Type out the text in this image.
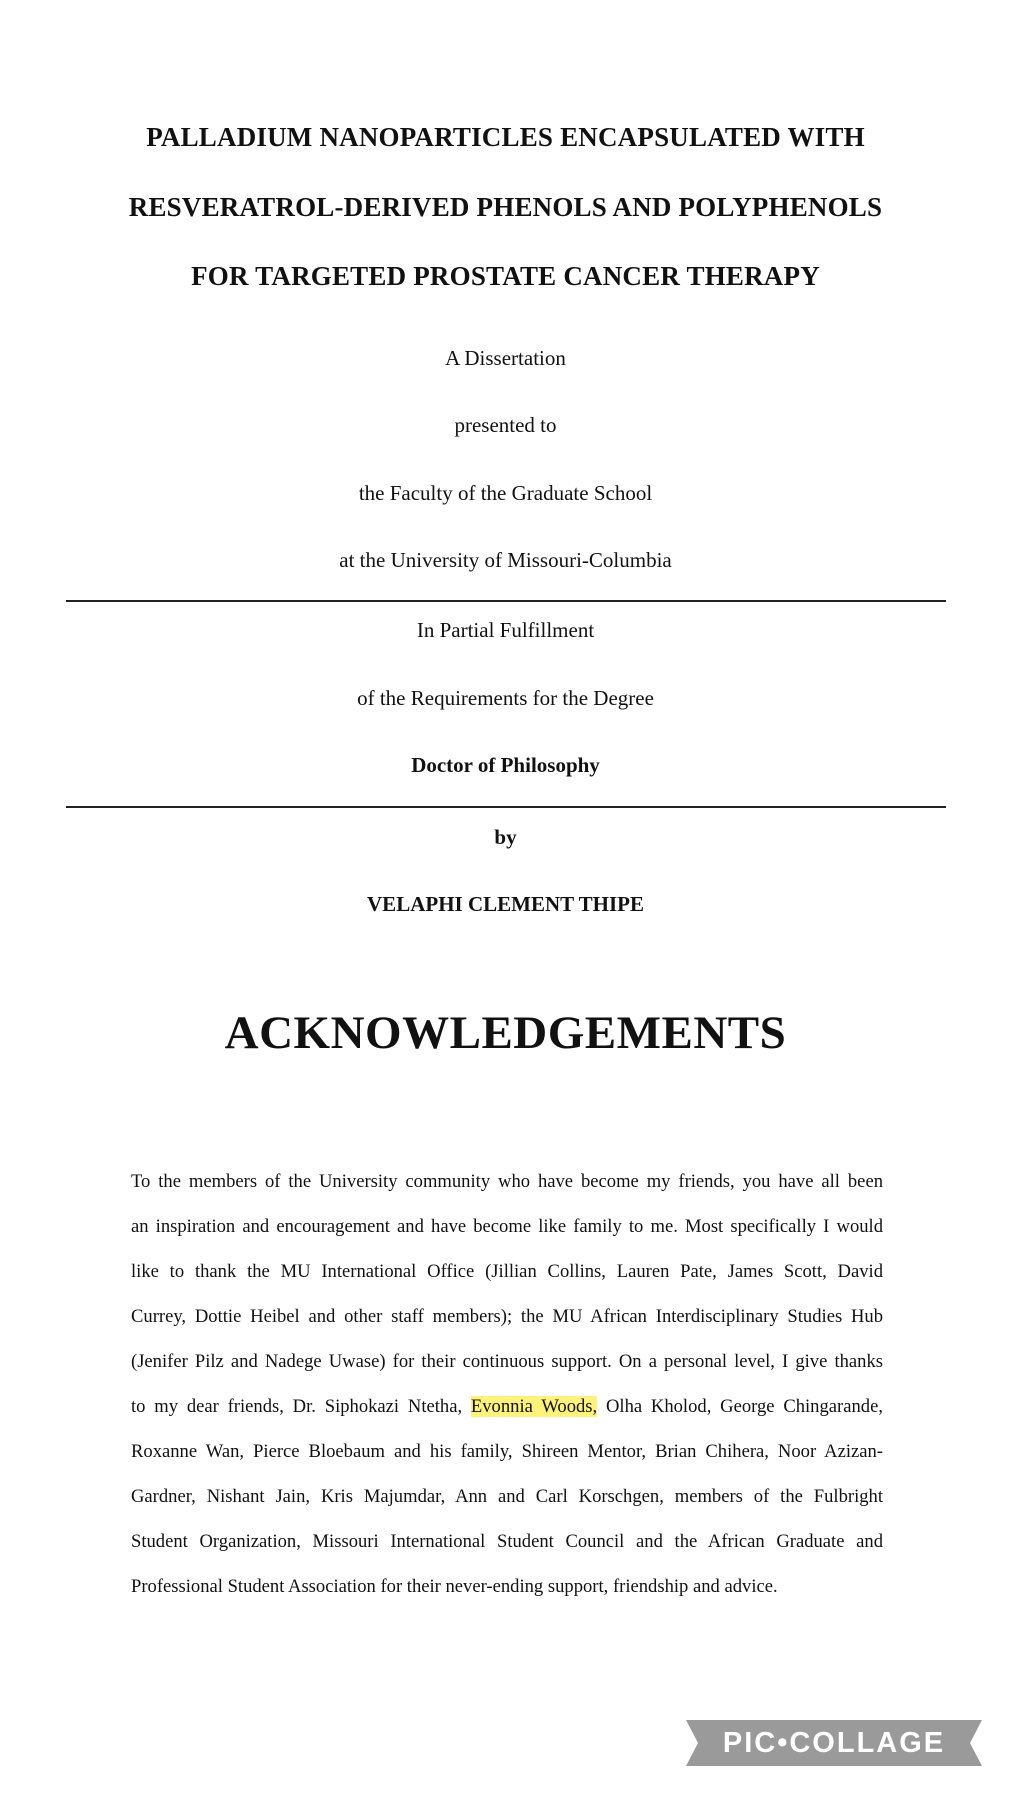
PALLADIUM NANOPARTICLES ENCAPSULATED WITH
RESVERATROL-DERIVED PHENOLS AND POLYPHENOLS
FOR TARGETED PROSTATE CANCER THERAPY
A Dissertation
presented to
the Faculty of the Graduate School
at the University of Missouri-Columbia
In Partial Fulfillment
of the Requirements for the Degree
Doctor of Philosophy
by
VELAPHI CLEMENT THIPE
ACKNOWLEDGEMENTS
To the members of the University community who have become my friends, you have all been
an inspiration and encouragement and have become like family to me. Most specifically I would
like to thank the MU International Office (Jillian Collins, Lauren Pate, James Scott, David
Currey, Dottie Heibel and other staff members); the MU African Interdisciplinary Studies Hub
(Jenifer Pilz and Nadege Uwase) for their continuous support. On a personal level, I give thanks
to my dear friends, Dr. Siphokazi Ntetha, Evonnia Woods, Olha Kholod, George Chingarande,
Roxanne Wan, Pierce Bloebaum and his family, Shireen Mentor, Brian Chihera, Noor Azizan-
Gardner, Nishant Jain, Kris Majumdar, Ann and Carl Korschgen, members of the Fulbright
Student Organization, Missouri International Student Council and the African Graduate and
Professional Student Association for their never-ending support, friendship and advice.
PIC•COLLAGE
